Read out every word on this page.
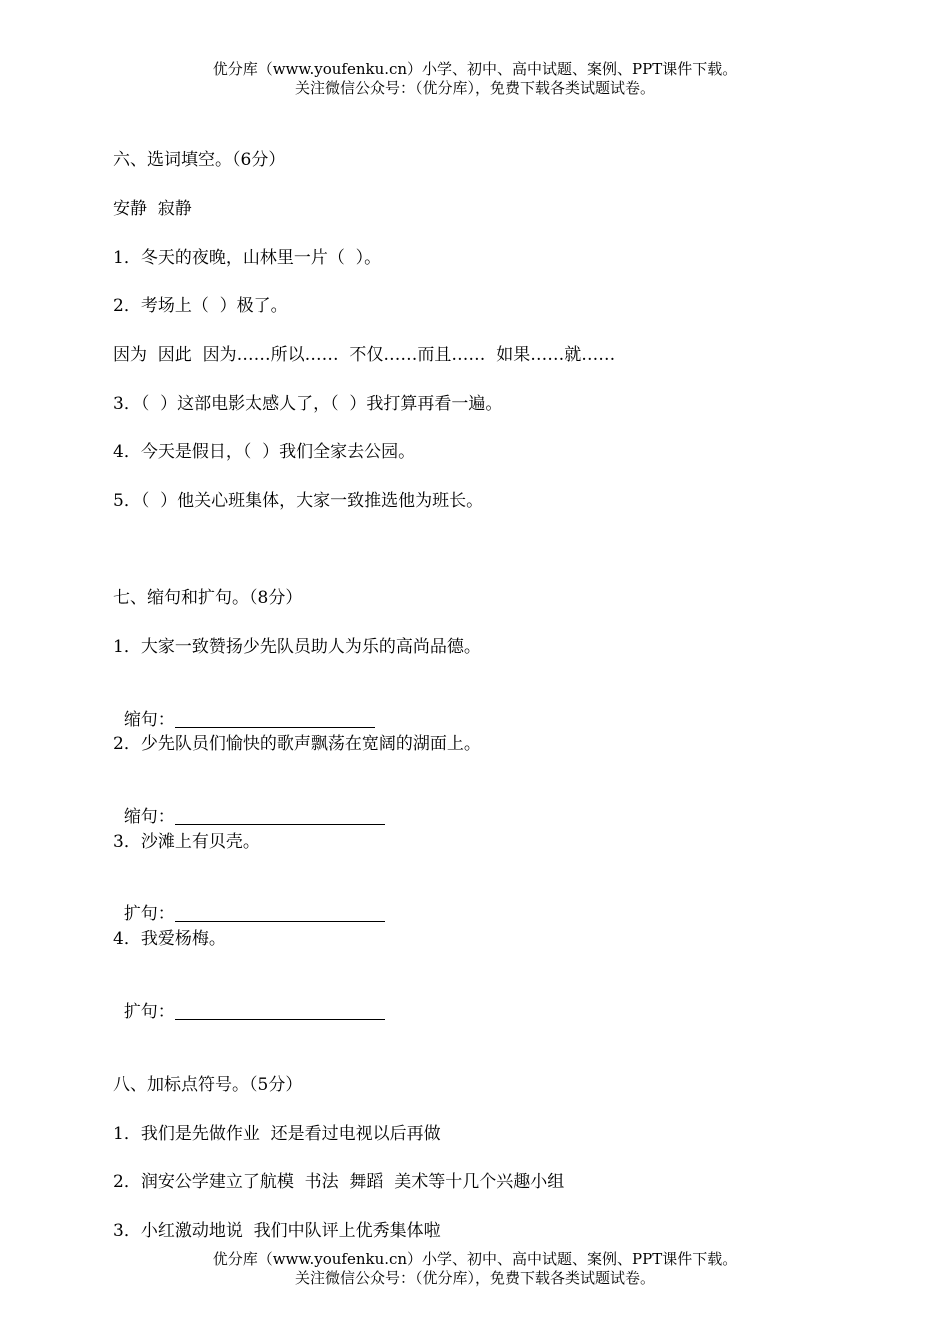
优分库（www.youfenku.cn）小学、初中、高中试题、案例、PPT课件下载。
关注微信公众号：（优分库），免费下载各类试题试卷。
六、选词填空。（6分）
安静  寂静
1．冬天的夜晚，山林里一片（  ）。
2．考场上（  ）极了。
因为  因此  因为……所以……  不仅……而且……  如果……就……
3．（  ）这部电影太感人了，（  ）我打算再看一遍。
4．今天是假日，（  ）我们全家去公园。
5．（  ）他关心班集体，大家一致推选他为班长。
七、缩句和扩句。（8分）
1．大家一致赞扬少先队员助人为乐的高尚品德。

缩句：

2．少先队员们愉快的歌声飘荡在宽阔的湖面上。

缩句：

3．沙滩上有贝壳。

扩句：

4．我爱杨梅。

扩句：

八、加标点符号。（5分）
1．我们是先做作业  还是看过电视以后再做
2．润安公学建立了航模  书法  舞蹈  美术等十几个兴趣小组
3．小红激动地说  我们中队评上优秀集体啦
优分库（www.youfenku.cn）小学、初中、高中试题、案例、PPT课件下载。
关注微信公众号：（优分库），免费下载各类试题试卷。
